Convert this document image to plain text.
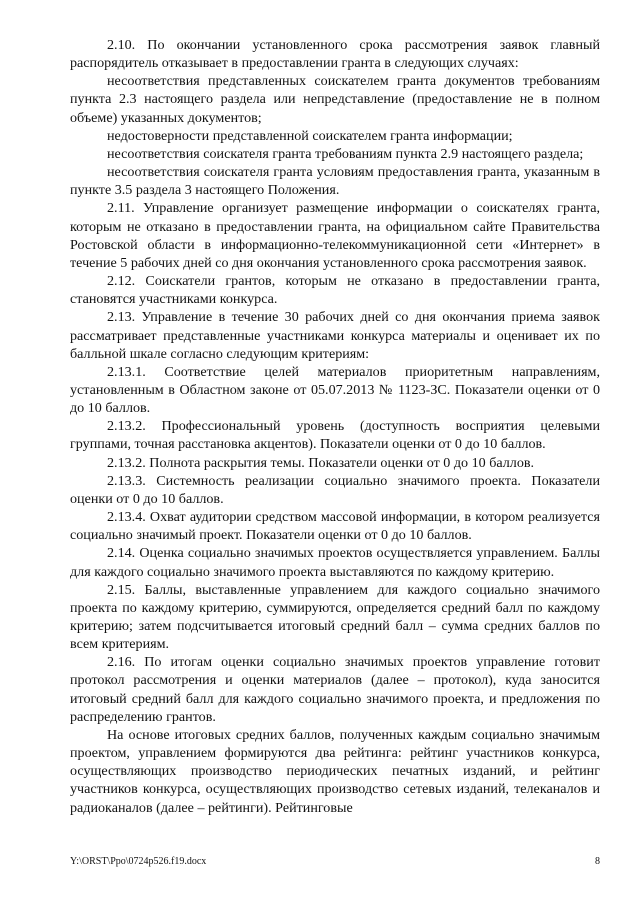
2.10. По окончании установленного срока рассмотрения заявок главный распорядитель отказывает в предоставлении гранта в следующих случаях:

несоответствия представленных соискателем гранта документов требованиям пункта 2.3 настоящего раздела или непредставление (предоставление не в полном объеме) указанных документов;

недостоверности представленной соискателем гранта информации;

несоответствия соискателя гранта требованиям пункта 2.9 настоящего раздела;

несоответствия соискателя гранта условиям предоставления гранта, указанным в пункте 3.5 раздела 3 настоящего Положения.

2.11. Управление организует размещение информации о соискателях гранта, которым не отказано в предоставлении гранта, на официальном сайте Правительства Ростовской области в информационно-телекоммуникационной сети «Интернет» в течение 5 рабочих дней со дня окончания установленного срока рассмотрения заявок.

2.12. Соискатели грантов, которым не отказано в предоставлении гранта, становятся участниками конкурса.

2.13. Управление в течение 30 рабочих дней со дня окончания приема заявок рассматривает представленные участниками конкурса материалы и оценивает их по балльной шкале согласно следующим критериям:

2.13.1. Соответствие целей материалов приоритетным направлениям, установленным в Областном законе от 05.07.2013 № 1123-ЗС. Показатели оценки от 0 до 10 баллов.

2.13.2. Профессиональный уровень (доступность восприятия целевыми группами, точная расстановка акцентов). Показатели оценки от 0 до 10 баллов.

2.13.2. Полнота раскрытия темы. Показатели оценки от 0 до 10 баллов.

2.13.3. Системность реализации социально значимого проекта. Показатели оценки от 0 до 10 баллов.

2.13.4. Охват аудитории средством массовой информации, в котором реализуется социально значимый проект. Показатели оценки от 0 до 10 баллов.

2.14. Оценка социально значимых проектов осуществляется управлением. Баллы для каждого социально значимого проекта выставляются по каждому критерию.

2.15. Баллы, выставленные управлением для каждого социально значимого проекта по каждому критерию, суммируются, определяется средний балл по каждому критерию; затем подсчитывается итоговый средний балл – сумма средних баллов по всем критериям.

2.16. По итогам оценки социально значимых проектов управление готовит протокол рассмотрения и оценки материалов (далее – протокол), куда заносится итоговый средний балл для каждого социально значимого проекта, и предложения по распределению грантов.

На основе итоговых средних баллов, полученных каждым социально значимым проектом, управлением формируются два рейтинга: рейтинг участников конкурса, осуществляющих производство периодических печатных изданий, и рейтинг участников конкурса, осуществляющих производство сетевых изданий, телеканалов и радиоканалов (далее – рейтинги). Рейтинговые

Y:\ORST\Ppo\0724p526.f19.docx	8
